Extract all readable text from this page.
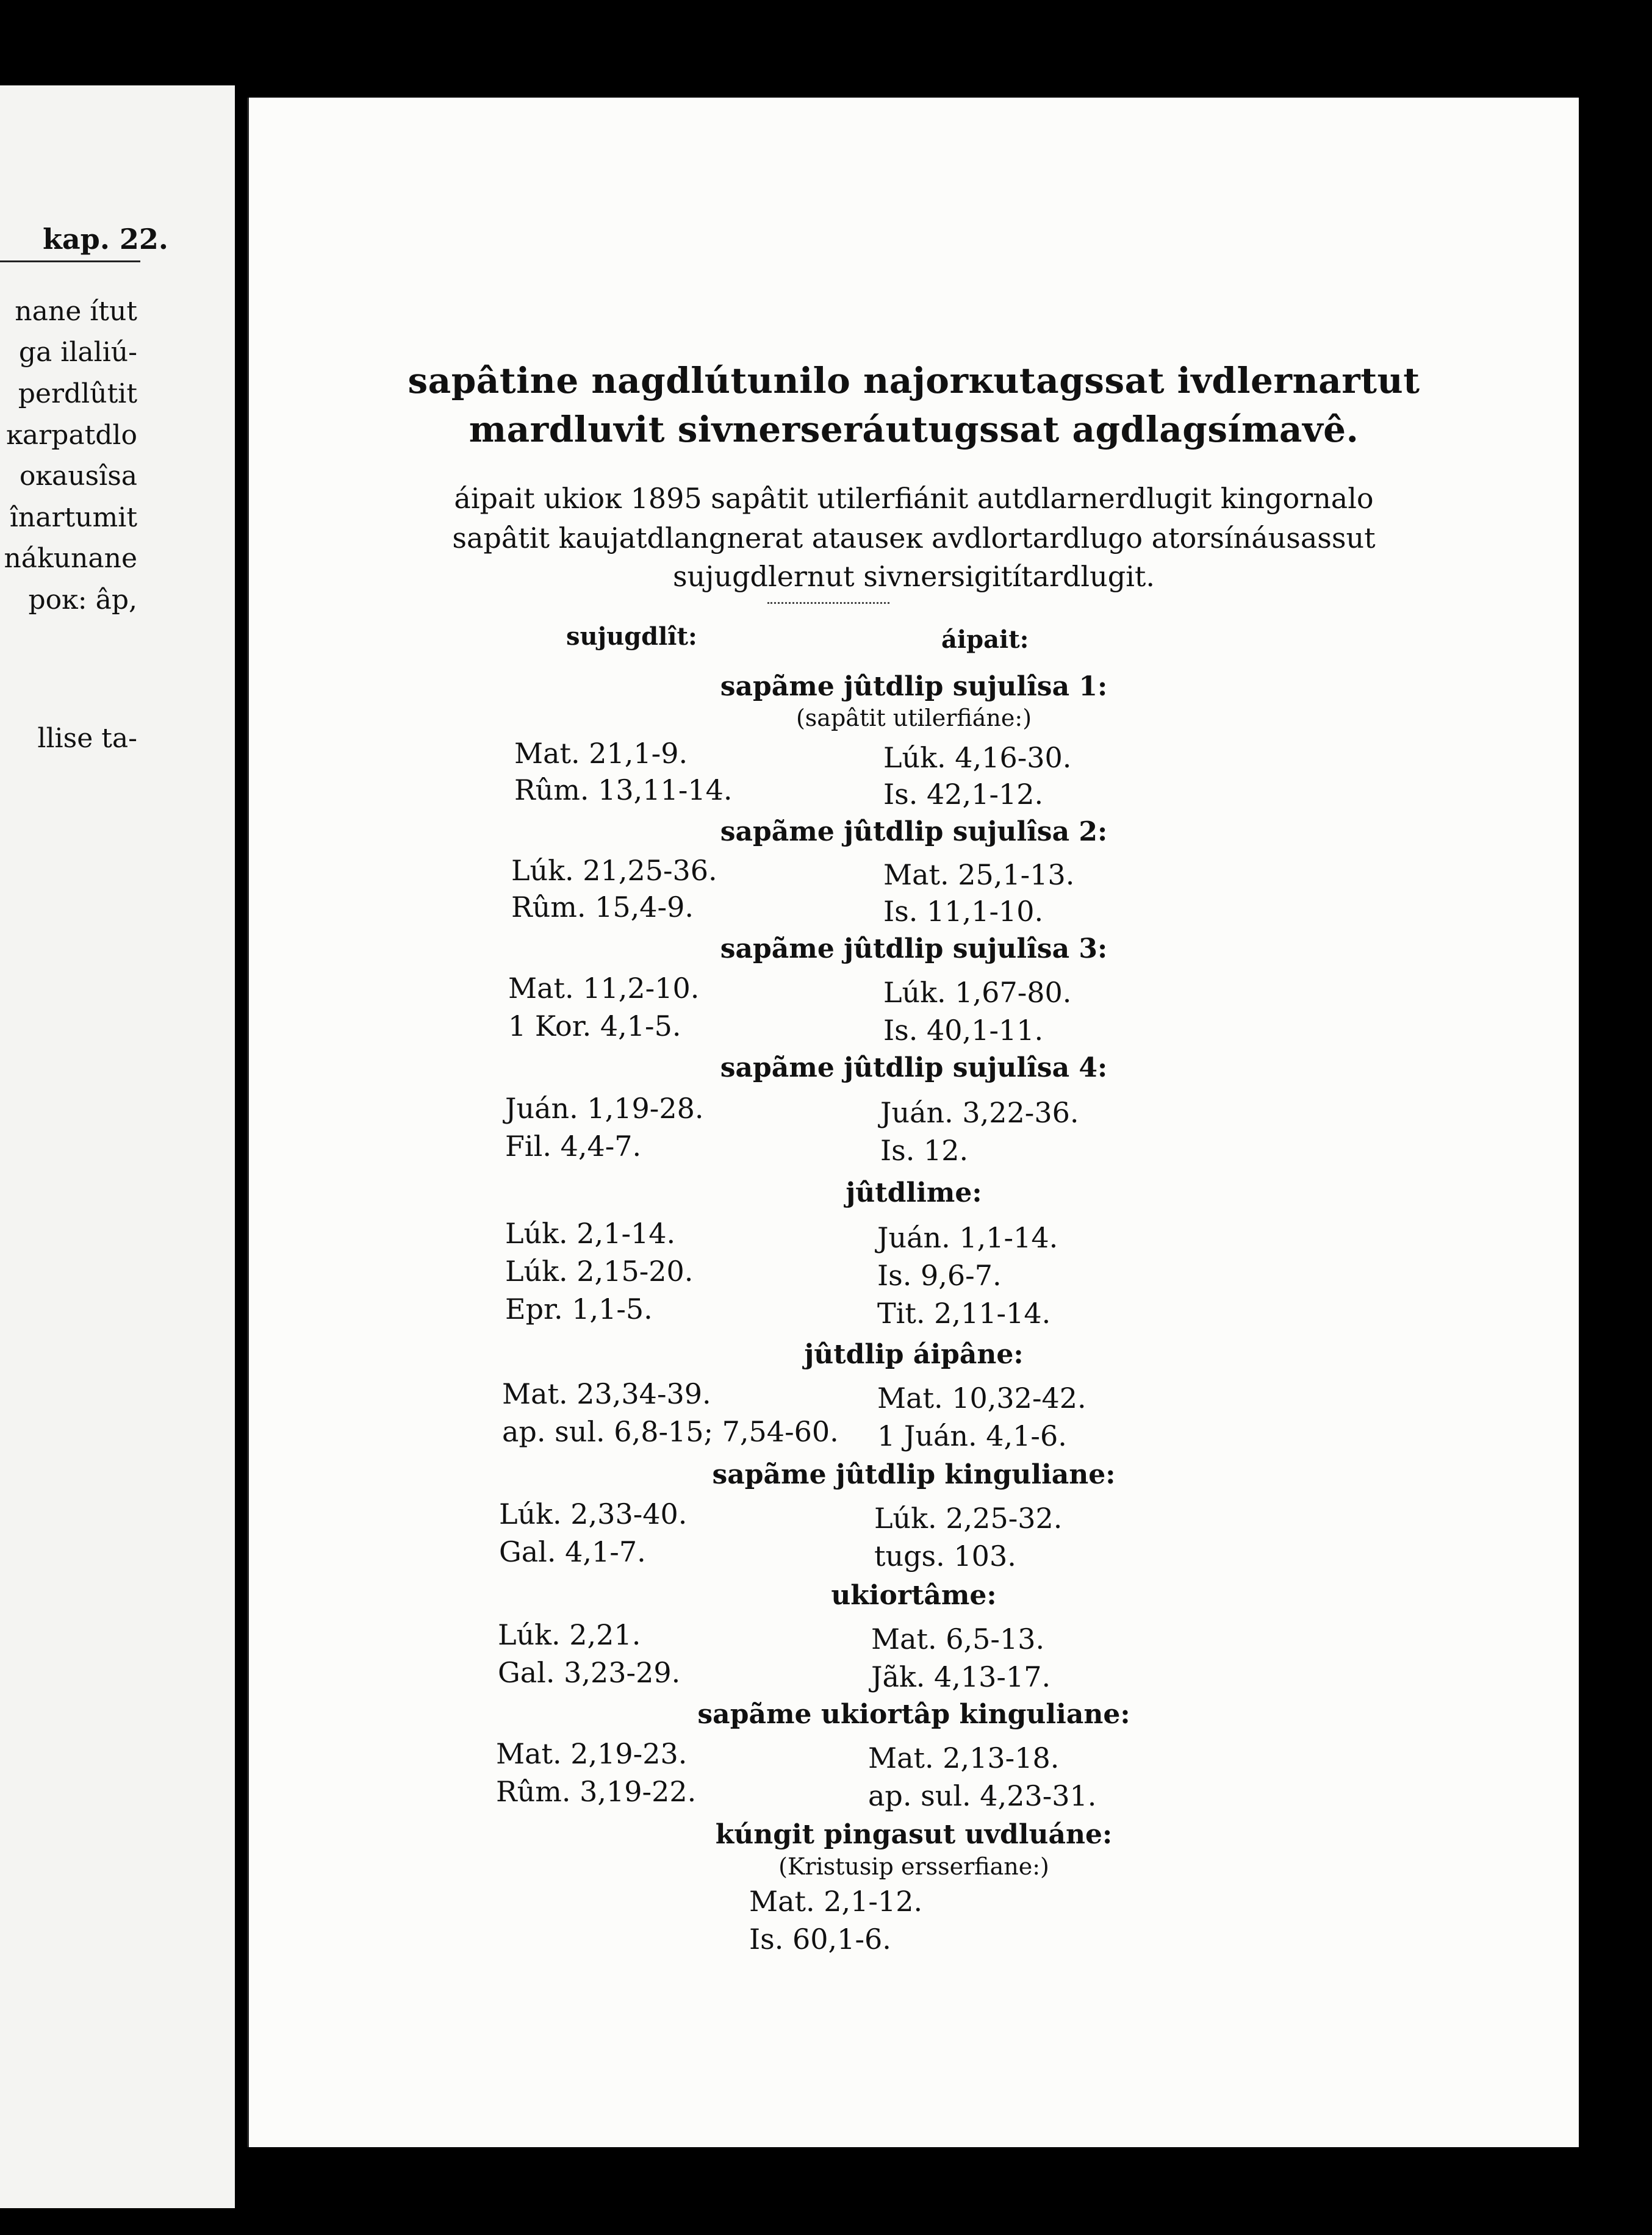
kap. 22.
nane ítut
ga ilaliú-
perdlûtit
ĸarpatdlo
oĸausîsa
înartumit
nákunane
poĸ: âp,
llise ta-
sapâtine nagdlútunilo najorĸutagssat ivdlernartut
mardluvit sivnerseráutugssat agdlagsímavê.
áipait ukioĸ 1895 sapâtit utilerfiánit autdlarnerdlugit kingornalo
sapâtit kaujatdlangnerat atauseĸ avdlortardlugo atorsínáusassut
sujugdlernut sivnersigitítardlugit.
sujugdlît:	áipait:
sapãme jûtdlip sujulîsa 1:
(sapâtit utilerfiáne:)
Mat. 21,1-9.
Rûm. 13,11-14.
Lúk. 4,16-30.
Is. 42,1-12.
sapãme jûtdlip sujulîsa 2:
Lúk. 21,25-36.
Rûm. 15,4-9.
Mat. 25,1-13.
Is. 11,1-10.
sapãme jûtdlip sujulîsa 3:
Mat. 11,2-10.
1 Kor. 4,1-5.
Lúk. 1,67-80.
Is. 40,1-11.
sapãme jûtdlip sujulîsa 4:
Juán. 1,19-28.
Fil. 4,4-7.
Juán. 3,22-36.
Is. 12.
jûtdlime:
Lúk. 2,1-14.
Lúk. 2,15-20.
Epr. 1,1-5.
Juán. 1,1-14.
Is. 9,6-7.
Tit. 2,11-14.
jûtdlip áipâne:
Mat. 23,34-39.
ap. sul. 6,8-15; 7,54-60.
Mat. 10,32-42.
1 Juán. 4,1-6.
sapãme jûtdlip kinguliane:
Lúk. 2,33-40.
Gal. 4,1-7.
Lúk. 2,25-32.
tugs. 103.
ukiortâme:
Lúk. 2,21.
Gal. 3,23-29.
Mat. 6,5-13.
Jãk. 4,13-17.
sapãme ukiortâp kinguliane:
Mat. 2,19-23.
Rûm. 3,19-22.
Mat. 2,13-18.
ap. sul. 4,23-31.
kúngit pingasut uvdluáne:
(Kristusip ersserfiane:)
Mat. 2,1-12.
Is. 60,1-6.
